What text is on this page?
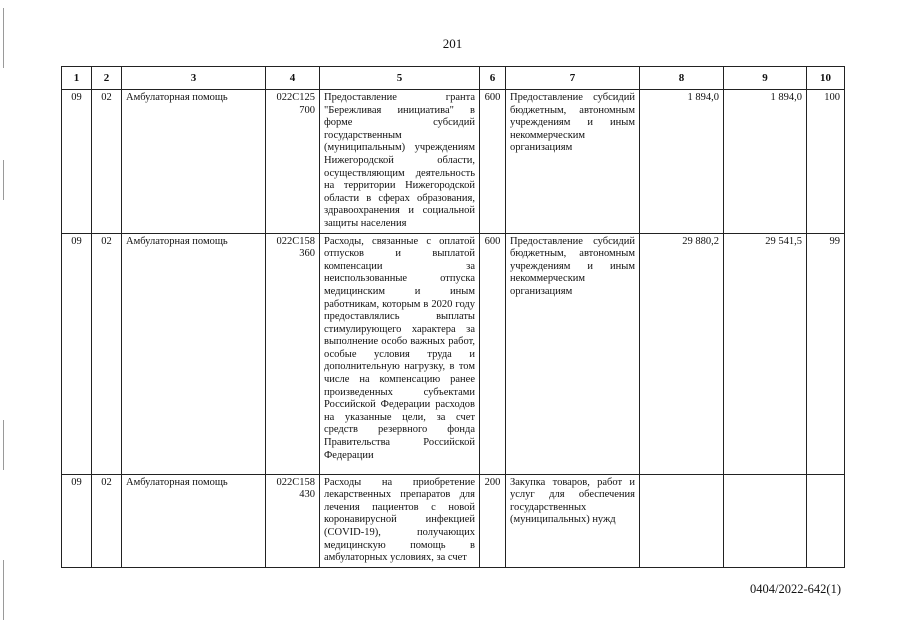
201
1	2	3	4	5	6	7	8	9	10
09	02	Амбулаторная помощь	022C125 700	Предоставление гранта "Бережливая инициатива" в форме субсидий государственным (муниципальным) учреждениям Нижегородской области, осуществляющим деятельность на территории Нижегородской области в сферах образования, здравоохранения и социальной защиты населения	600	Предоставление субсидий бюджетным, автономным учреждениям и иным некоммерческим организациям	1 894,0	1 894,0	100
09	02	Амбулаторная помощь	022C158 360	Расходы, связанные с оплатой отпусков и выплатой компенсации за неиспользованные отпуска медицинским и иным работникам, которым в 2020 году предоставлялись выплаты стимулирующего характера за выполнение особо важных работ, особые условия труда и дополнительную нагрузку, в том числе на компенсацию ранее произведенных субъектами Российской Федерации расходов на указанные цели, за счет средств резервного фонда Правительства Российской Федерации	600	Предоставление субсидий бюджетным, автономным учреждениям и иным некоммерческим организациям	29 880,2	29 541,5	99
09	02	Амбулаторная помощь	022C158 430	Расходы на приобретение лекарственных препаратов для лечения пациентов с новой коронавирусной инфекцией (COVID-19), получающих медицинскую помощь в амбулаторных условиях, за счет	200	Закупка товаров, работ и услуг для обеспечения государственных (муниципальных) нужд			
0404/2022-642(1)
